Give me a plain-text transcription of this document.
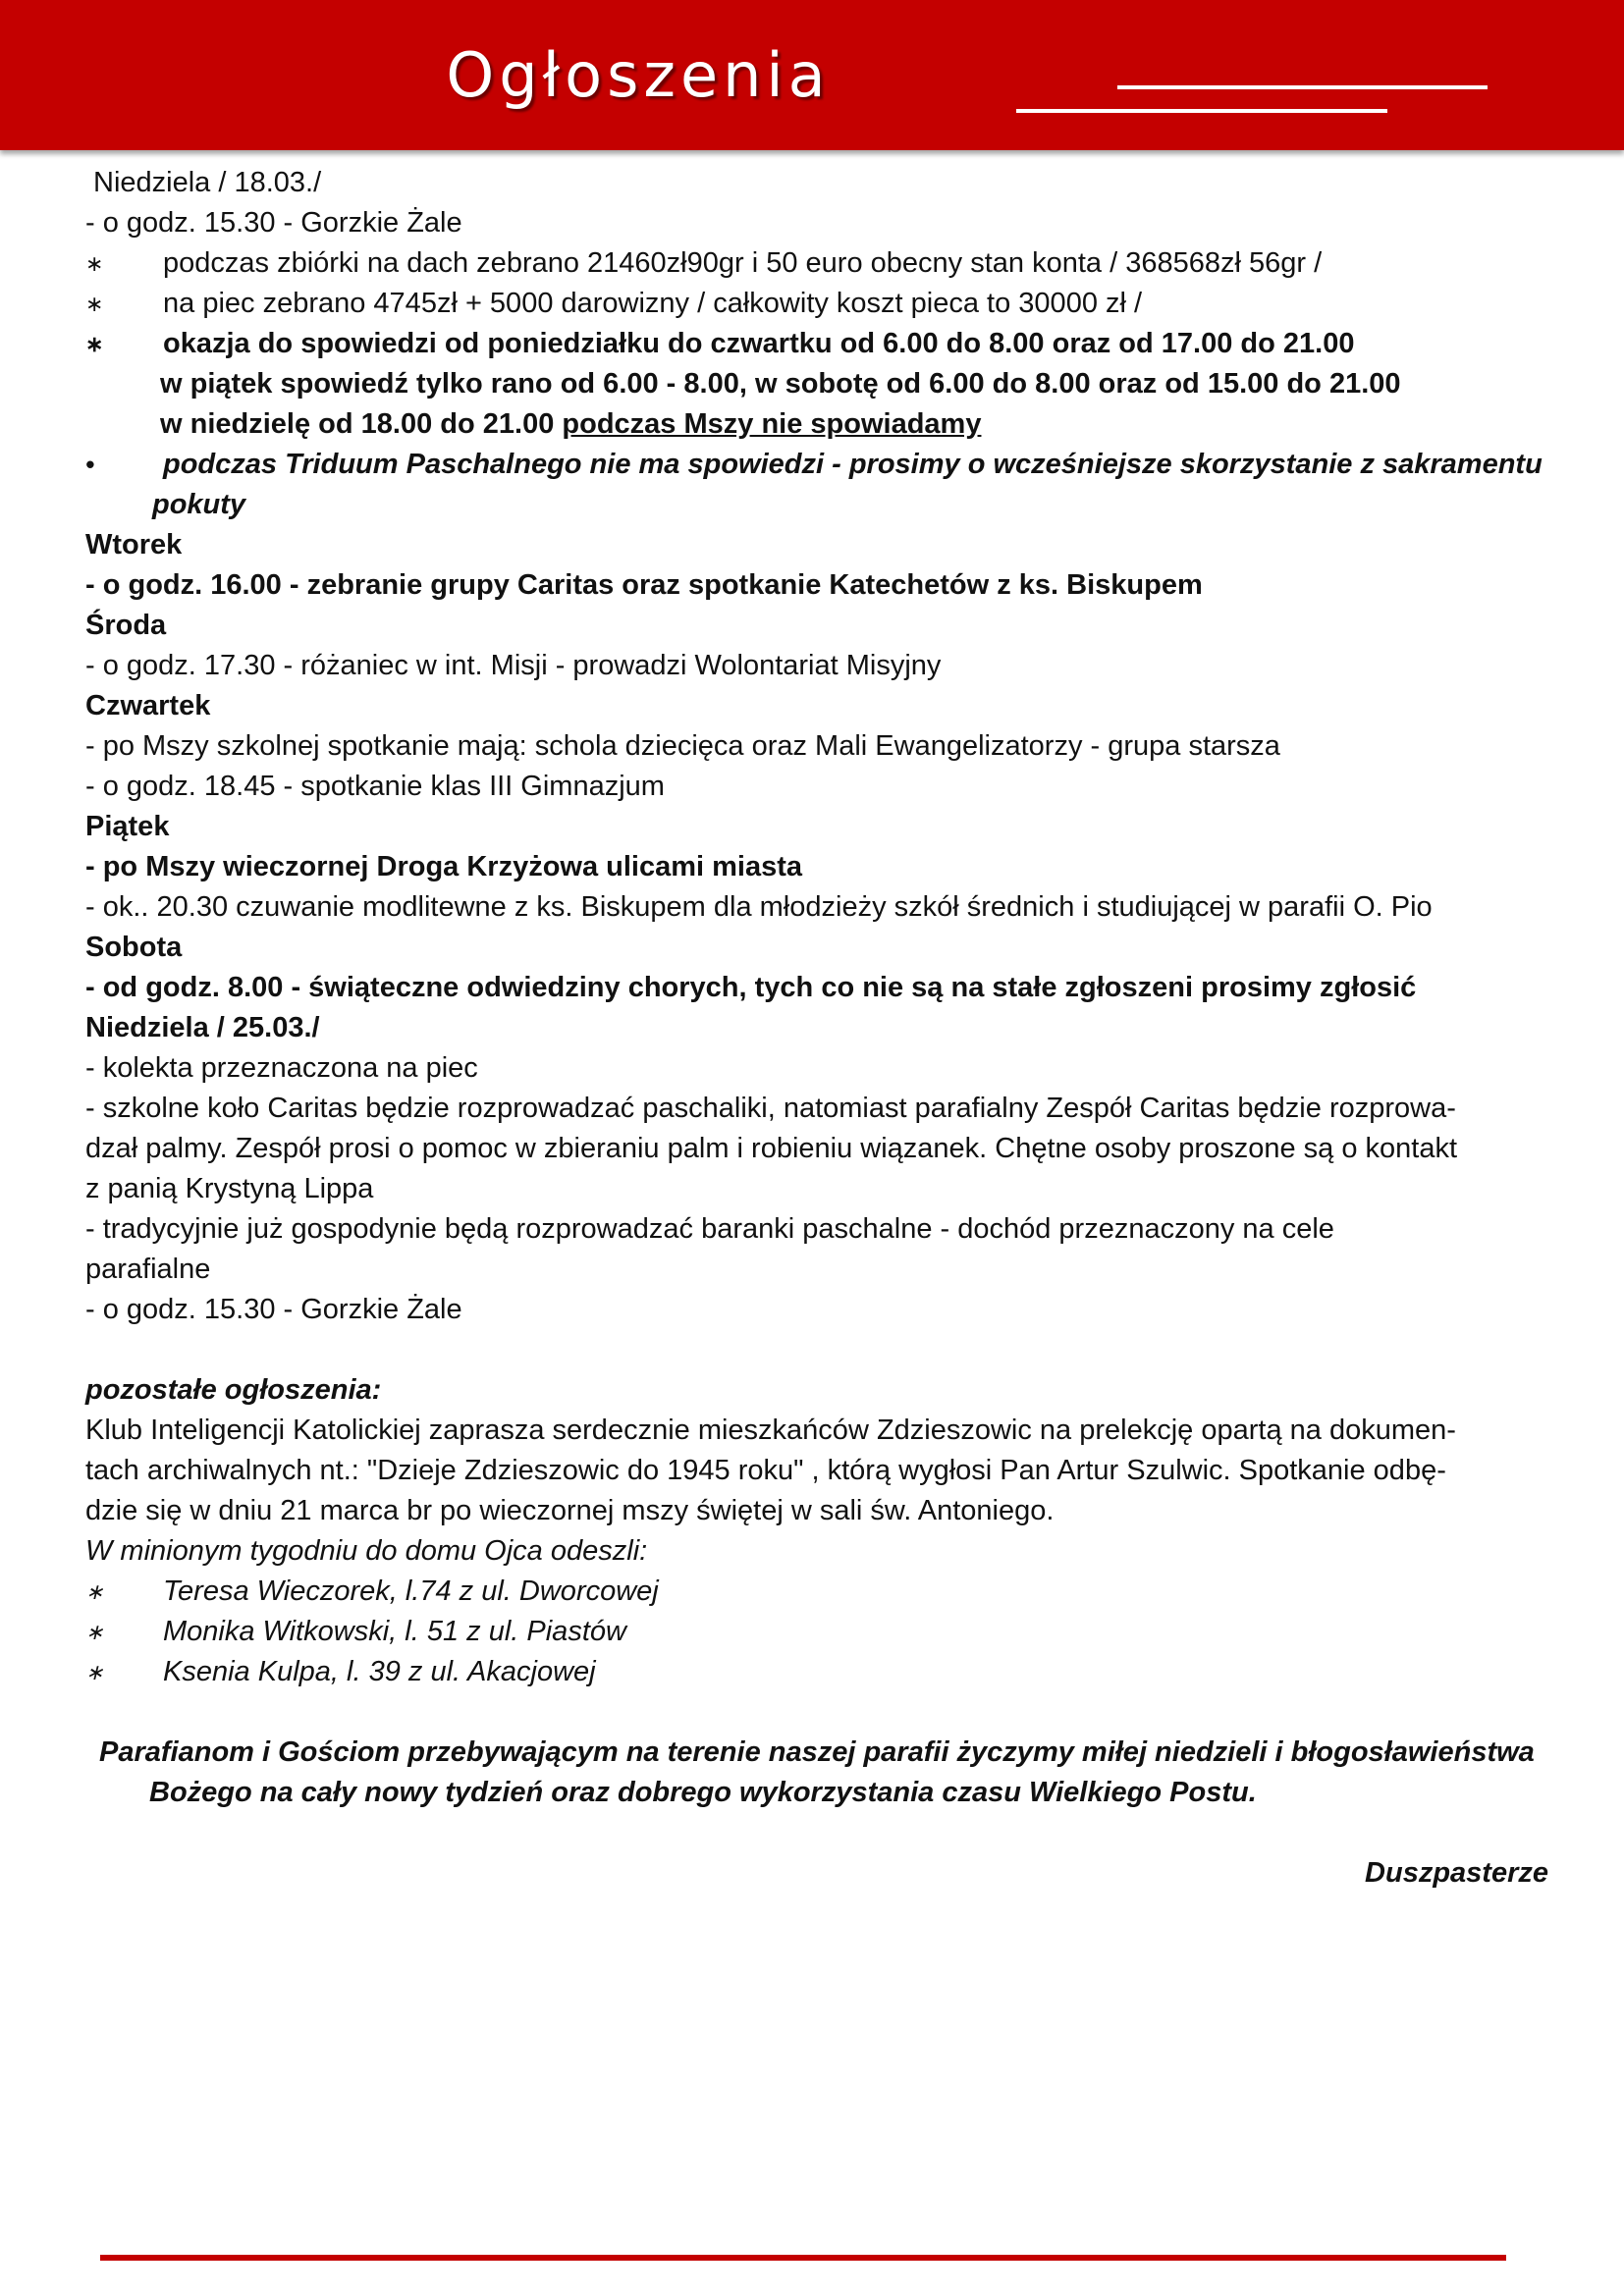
Ogłoszenia
Niedziela / 18.03./
- o godz. 15.30 - Gorzkie Żale
∗	podczas zbiórki na dach zebrano 21460zł90gr i 50 euro obecny stan konta / 368568zł 56gr /
∗	na piec zebrano 4745zł + 5000 darowizny / całkowity koszt pieca to 30000 zł /
∗	okazja do spowiedzi od poniedziałku do czwartku od 6.00 do 8.00 oraz od 17.00 do 21.00
w piątek spowiedź tylko rano od 6.00 - 8.00, w sobotę od 6.00 do 8.00 oraz od 15.00 do 21.00
w niedzielę od 18.00 do 21.00 podczas Mszy nie spowiadamy
•	podczas Triduum Paschalnego nie ma spowiedzi - prosimy o wcześniejsze skorzystanie z sakramentu
pokuty
Wtorek
- o godz. 16.00 - zebranie grupy Caritas oraz spotkanie Katechetów z ks. Biskupem
Środa
- o godz. 17.30 - różaniec w int. Misji - prowadzi Wolontariat Misyjny
Czwartek
- po Mszy szkolnej spotkanie mają: schola dziecięca oraz Mali Ewangelizatorzy - grupa starsza
- o godz. 18.45 - spotkanie klas III Gimnazjum
Piątek
- po Mszy wieczornej Droga Krzyżowa ulicami miasta
- ok.. 20.30 czuwanie modlitewne z ks. Biskupem dla młodzieży szkół średnich i studiującej w parafii O. Pio
Sobota
- od godz. 8.00 - świąteczne odwiedziny chorych, tych co nie są na stałe zgłoszeni prosimy zgłosić
Niedziela / 25.03./
- kolekta przeznaczona na piec
- szkolne koło Caritas będzie rozprowadzać paschaliki, natomiast parafialny Zespół Caritas będzie rozprowa-
dzał palmy. Zespół prosi o pomoc w zbieraniu palm i robieniu wiązanek. Chętne osoby proszone są o kontakt
z panią Krystyną Lippa
- tradycyjnie już gospodynie będą rozprowadzać baranki paschalne - dochód przeznaczony na cele
parafialne
- o godz. 15.30 - Gorzkie Żale
pozostałe ogłoszenia:
Klub Inteligencji Katolickiej zaprasza serdecznie mieszkańców Zdzieszowic na prelekcję opartą na dokumen-
tach archiwalnych nt.: "Dzieje Zdzieszowic do 1945 roku" , którą wygłosi Pan Artur Szulwic. Spotkanie odbę-
dzie się w dniu 21 marca br po wieczornej mszy świętej w sali św. Antoniego.
W minionym tygodniu do domu Ojca odeszli:
∗	Teresa Wieczorek, l.74 z ul. Dworcowej
∗	Monika Witkowski, l. 51 z ul. Piastów
∗	Ksenia Kulpa, l. 39 z ul. Akacjowej
Parafianom i Gościom przebywającym na terenie naszej parafii życzymy miłej niedzieli i błogosławieństwa
Bożego na cały nowy tydzień oraz dobrego wykorzystania czasu Wielkiego Postu.
Duszpasterze
